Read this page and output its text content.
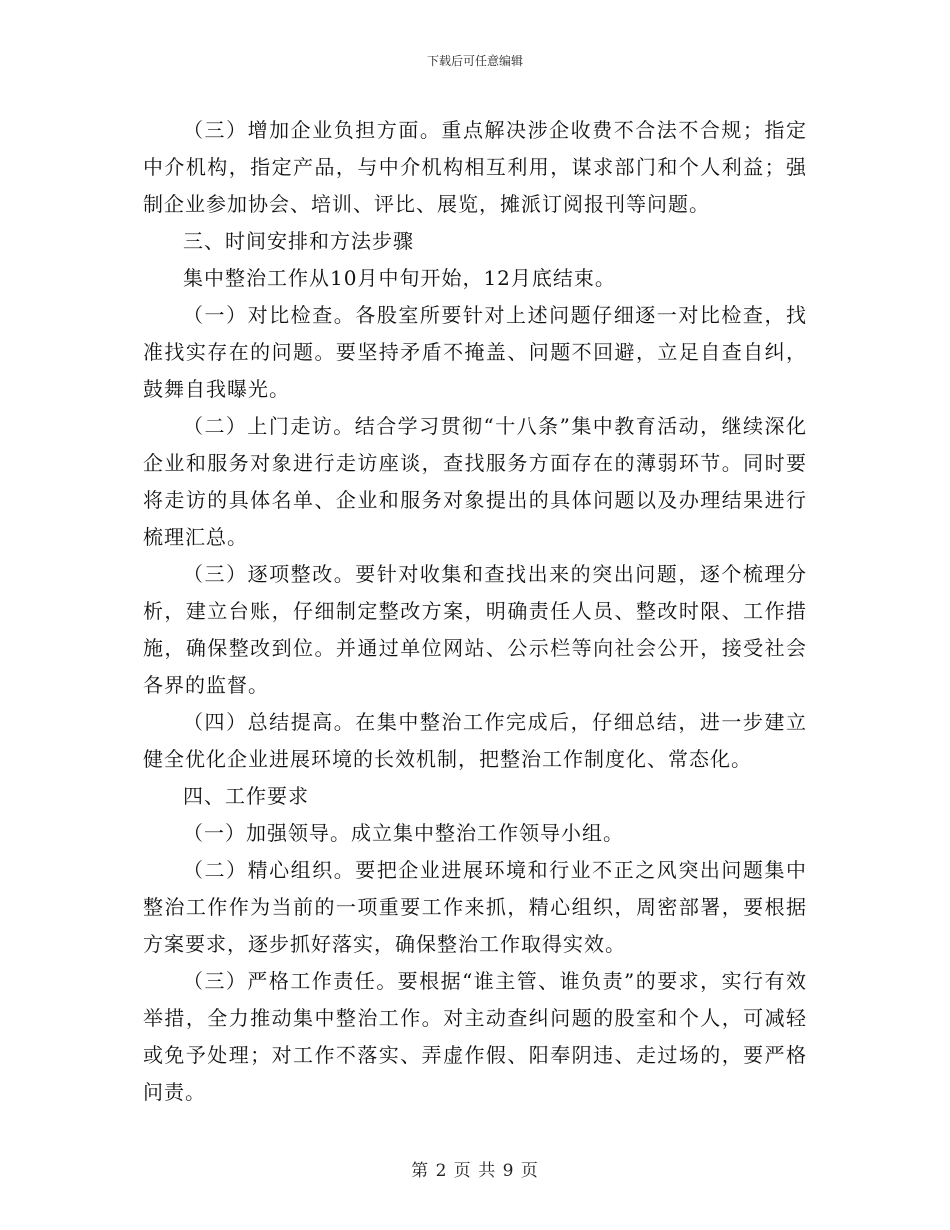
下载后可任意编辑

（三）增加企业负担方面。重点解决涉企收费不合法不合规；指定中介机构，指定产品，与中介机构相互利用，谋求部门和个人利益；强制企业参加协会、培训、评比、展览，摊派订阅报刊等问题。

三、时间安排和方法步骤

集中整治工作从10月中旬开始，12月底结束。

（一）对比检查。各股室所要针对上述问题仔细逐一对比检查，找准找实存在的问题。要坚持矛盾不掩盖、问题不回避，立足自查自纠，鼓舞自我曝光。

（二）上门走访。结合学习贯彻“十八条”集中教育活动，继续深化企业和服务对象进行走访座谈，查找服务方面存在的薄弱环节。同时要将走访的具体名单、企业和服务对象提出的具体问题以及办理结果进行梳理汇总。

（三）逐项整改。要针对收集和查找出来的突出问题，逐个梳理分析，建立台账，仔细制定整改方案，明确责任人员、整改时限、工作措施，确保整改到位。并通过单位网站、公示栏等向社会公开，接受社会各界的监督。

（四）总结提高。在集中整治工作完成后，仔细总结，进一步建立健全优化企业进展环境的长效机制，把整治工作制度化、常态化。

四、工作要求

（一）加强领导。成立集中整治工作领导小组。

（二）精心组织。要把企业进展环境和行业不正之风突出问题集中整治工作作为当前的一项重要工作来抓，精心组织，周密部署，要根据方案要求，逐步抓好落实，确保整治工作取得实效。

（三）严格工作责任。要根据“谁主管、谁负责”的要求，实行有效举措，全力推动集中整治工作。对主动查纠问题的股室和个人，可减轻或免予处理；对工作不落实、弄虚作假、阳奉阴违、走过场的，要严格问责。

第 2 页 共 9 页
